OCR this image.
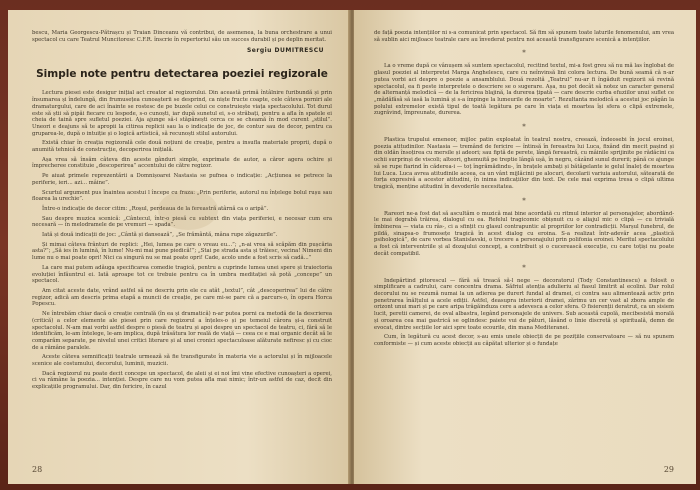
bescu, Maria Georgescu-Pătrașcu și Traian Dinceanu vă contribui, de asemenea, la buna orchestrare a unui spectacol cu care Teatrul Muncitoresc C.F.R. înscrie în repertoriul său un succes durabil și pe deplin meritat.

Sergiu DUMITRESCU
Simple note pentru detectarea poeziei regizorale

Lectura piesei este desigur inițial act creator al regizorului. Din această primă întâlnire furibundă și prin însumarea și îndelungă, din frumusețea cunoașterii se desprind, ca niște fructe coapte, cele câteva porniri ale dramaturgului, care de aci înainte se rostesc de pe buzele celui ce construiește viața spectacolului. Tot durul este să știi să pipăi fiecare cu lespede, s-o cunoști, iar după sunetul ei, s-o străbați, pentru a afla în spatele ei cheia de taină spre sufletul poeziei. Aja ajunge să-i stăpânești cerca ce se cheamă în mod curent „stilul”. Uneori e deajuns să te apropii la citirea replicii sau la o indicație de joc, de contur sau de decor, pentru ca gruparea-le, după o intuiție și o logică artistică, să recunoști stilul autorului.

Există chiar în creația regizorală cele două noțiuni de creație, pentru a insufla materiale proprii, după o anumită tehnică de construcție, decoperirea inițială.

Așa vrea să însăm câteva din aceste gânduri simple, exprimate de autor, a căror agera ochire și împrecheree constituie „descoperirea” accentului de către regizor.

Pe aiuat primele reprezentării a Domnișoarei Nastasia se pufnea o indicație: „Acțiunea se petrece la periferie, ieri... azi... mâine”.

Scurtul argument pus înaintea acestui l începe cu fraza: „Prin periferie, autorul nu înțelege bolul rușu sau floarea la urechie”.

Între-o indicație de decor citim: „Roșul, perdeaua de la fereastră atârnă ca o aripă”.

Sau despre muzica scenică: „Cântecul, într-o piesă cu subtext din viața periferiei, e necesar cum era necesară — în melodramele de pe vremuri — spada”.

Iată și două indicații de joc: „Cântă și dansează”, „Se frământă, mâna rupe zăgazurile”.

Și mimai câteva frânturi de replici: „Hei, lumea pe care o vreau eu...”; „n-ai vrea să scăpăm din pușcăria asta?”; „Să ies în lumină, în lume! Nu-mi mai pune piedică!”; „Stai pe strada asta și trăiesc, vecina! Nimeni din lume nu o mai poate opri! Nici ca singură nu se mai poate opri! Cade, acolo unde a fost scris să cadă...”

La care mai putem adăuga specificarea comedie tragică, pentru a cuprinde lumea unei spere și traiectoria evoluției înfăuntrul ei. Iată aproape tot ce trebuie pentru ca în umbra meditației să potă „concepe” un spectacol.

Am citat aceste date, vrând astfel să ne descriu prin ele cu atât „textul”, cât „descoperirea” lui de către regizor, adică am descris prima etapă a muncii de creație, pe care mi-se pare că a parcurs-o, în opera Horca Popescu.

Ne întrebăm chiar dacă o creație centrală (în ea și dramatică) n-ar putea porni ca metodă de la descrierea (critică) a celor elemente ale piesei prin care regizorul a înțeles-o și pe temeiul cărora și-a construit spectacolul. N-am mai vorbi astfel despre o piesă de teatru și apoi despre un spectacol de teatru, ci, fără să le identificăm, le-am întelege, le-am implica, după trăsătura lor reală de viață — ceea ce e mai organic decât să le comparăm separate, pe nivelul unei critici literare și al unei cronici spectaculoase alăturate nefiresc și cu cioc de a rămâne paralele.

Aceste câteva semnificații teatrale urmează să fie transfigurate în materia vie a actorului și în mijloacele scenice ale costumului, decorului, luminii, muzicii.

Dacă regizorul nu poate decit concepe un spectacol, de aleii și ei noi îmi vine efective cunoașteri a operei, ci va rămâne la poezia... intenției. Despre care nu vom putea afla mai nimic; într-un astfel de caz, decit din explicațiile programului. Dar, din fericire, în cazul

28

de față poezia intențiilor ni s-a comunicat prin spectacol. Să fim să spunem toate laturile fenomenului, am vrea să sublin aici mijloace teatrale care au învederat pentru noi această transfigurare scenică a intențiilor.

*

La o vreme după ce vânușem să suntem spectacolul, recitind textul, mi-a fost greu să nu mă las înglobat de glasul poeziei al interpretei Marga Anghelescu, care cu neînvinsă lini colora lectura. De bună seamă că n-ar putea vorbi aci despre o poezie a ansamblului. Două rezoltă „Teatrul” nu-ar fi îngăduit regizorii să revină spectacolul, ea fi peste interpretele o descriere se o sugerare. Așa, nu pot decât să notez un caracter general de alternanță melodică — de la fericirea blajină, la durerea țipată — care descrie curba efuziilor unui suflet ce „mădăfăsâ să iasă la lumină și s-a împinge la lumeurile de moarte”. Rezultanta melodică a acestui joc păgân la polului extremelor există tipul de toată legătura pe care în viața ei moartea își sfera o clipă extremele, zugrăvind, împreunate, durerea.

*

Plastica trupului emeneor, mijloc patin exploatat în teatrul nostru, creează, îndeosebi în jocul eroinei, poezia atitudinilor. Nastasia — tremând de fericire — întinsă în fereastra lui Luca, fixând din mecit pașind și din oldăn însoțirea cu mersile și adeori; sau fiptă de perete, lângă fereastră, cu mâinile sprijinite pe rădăcini ca ochii surprinși de viscoli; alteori, ghemuită pe treptie lângă ușă, în negru, căzând sunul durerii; până ce ajunge să se rupe fiarind în căderea-i — toț îngrămădindu-, în brațele ambați și bătăgelante ie gelul înaleț de moartea lui Luca. Luca avrea atitudinile aceea, ca un vânt mijlăcinii pe alocuri, decolarii variuia autorului, sătearată de forța expresivă a acestor atitudini, în inima indicațiilor din text. De cele mai exprima tresa o clipă ultima tragică, menține atitudini în devoderile necesitatea.

*

Rareori ne-a fost dat să ascultăm o muzică mai bine acordată cu ritmul interior al personajelor, abordând-le mai degrabă trăirea, dialogul cu ea. Refelul tragicomic obișnuit cu o aliajul mic o clipă — cu trivială îmbinerea — viata cu râs-, ci a sfințit cu glasul contrapuntic al propriilor lor contradicții. Marșul funebrul, de pildă, sinapsa-o frumosețe tragică în acest dialog cu eroina. S-a realizat într-adevăr acea „plastică psihologică”, de care vorbea Stanislavski, o trecere a personajului prin polifonia eroinei. Meritul spectacolului a fost că interventriile și al dozajului concepț, a contribuit și o cucerească execuție, cu care toțiși nu poate decât compatibil.

*

Indepărtind pitorescul — fără să treacă să-l nege — decoratorul (Tody Constantinescu) a folosit o simplificare a cadrului, care concentra drama. Săfriul atenția adulieriu al fiasul limitrit al ecolini. Dar rolul decorului nu se rezumă numai la un adierea pe durert fundal al dramei, ci contra sau alimentează activ prin penetrarea înălțului a acele ediții. Astfel, deasupra interiorii dramei, zărimu un cer vast al zbora ample de orizont unui mari și pe care aripa trăgăinduza cere a adevesca a celor sfera. O fisierenții deratrut, ca un sisiem lucit, peretii camerei, de oval albastra, legând personajele de univers. Sub această cupolă, mecibesistă morală și oroarea cea mai gastrică se oglindesc paiete vui de pături, lăsând o linie discretă și spirituală, demn de evocat, dintre secțiile lor aici spre toate ecourile, din mana Mediteranei.

Cum, în legătură cu acest decor, s-au emis unele obiecții de pe pozițiile conservatoare — să nu spunem conformiste — și cum aceste obiecții au căpătat ulterior și o fundațe

29
